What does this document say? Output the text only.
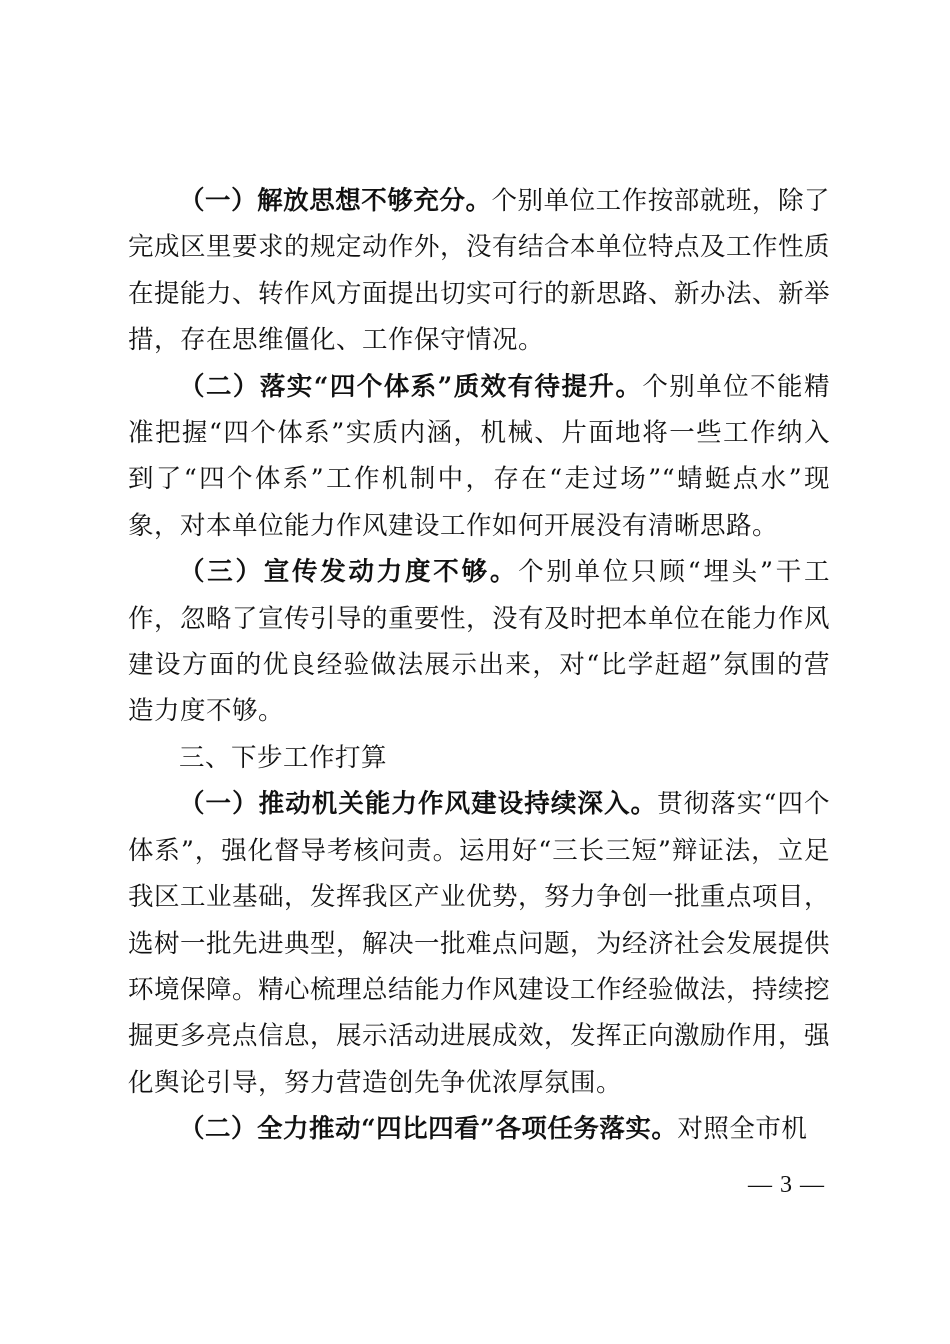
（一）解放思想不够充分。个别单位工作按部就班，除了完成区里要求的规定动作外，没有结合本单位特点及工作性质在提能力、转作风方面提出切实可行的新思路、新办法、新举措，存在思维僵化、工作保守情况。

（二）落实“四个体系”质效有待提升。个别单位不能精准把握“四个体系”实质内涵，机械、片面地将一些工作纳入到了“四个体系”工作机制中，存在“走过场”“蜻蜓点水”现象，对本单位能力作风建设工作如何开展没有清晰思路。

（三）宣传发动力度不够。个别单位只顾“埋头”干工作，忽略了宣传引导的重要性，没有及时把本单位在能力作风建设方面的优良经验做法展示出来，对“比学赶超”氛围的营造力度不够。

三、下步工作打算

（一）推动机关能力作风建设持续深入。贯彻落实“四个体系”，强化督导考核问责。运用好“三长三短”辩证法，立足我区工业基础，发挥我区产业优势，努力争创一批重点项目，选树一批先进典型，解决一批难点问题，为经济社会发展提供环境保障。精心梳理总结能力作风建设工作经验做法，持续挖掘更多亮点信息，展示活动进展成效，发挥正向激励作用，强化舆论引导，努力营造创先争优浓厚氛围。

（二）全力推动“四比四看”各项任务落实。对照全市机

— 3 —
